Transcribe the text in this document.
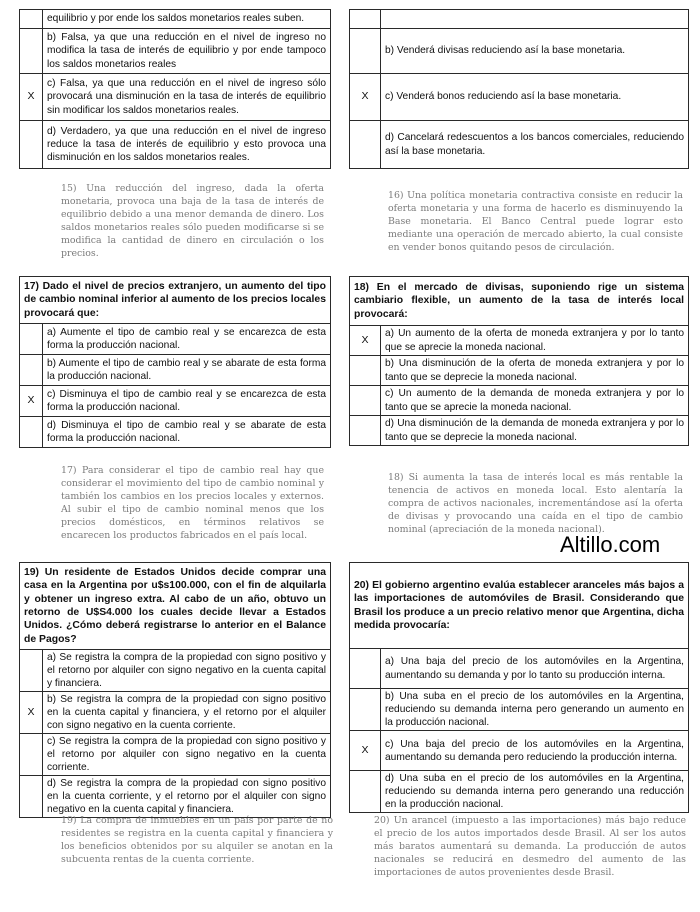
	equilibrio y por ende los saldos monetarios reales suben.
	b) Falsa, ya que una reducción en el nivel de ingreso no modifica la tasa de interés de equilibrio y por ende tampoco los saldos monetarios reales
X	c) Falsa, ya que una reducción en el nivel de ingreso sólo provocará una disminución en la tasa de interés de equilibrio sin modificar los saldos monetarios reales.
	d) Verdadero, ya que una reducción en el nivel de ingreso reduce la tasa de interés de equilibrio y esto provoca una disminución en los saldos monetarios reales.

	b) Venderá divisas reduciendo así la base monetaria.
X	c) Venderá bonos reduciendo así la base monetaria.
	d) Cancelará redescuentos a los bancos comerciales, reduciendo así la base monetaria.

15) Una reducción del ingreso, dada la oferta monetaria, provoca una baja de la tasa de interés de equilibrio debido a una menor demanda de dinero. Los saldos monetarios reales sólo pueden modificarse si se modifica la cantidad de dinero en circulación o los precios.

16) Una política monetaria contractiva consiste en reducir la oferta monetaria y una forma de hacerlo es disminuyendo la Base monetaria. El Banco Central puede lograr esto mediante una operación de mercado abierto, la cual consiste en vender bonos quitando pesos de circulación.

17) Dado el nivel de precios extranjero, un aumento del tipo de cambio nominal inferior al aumento de los precios locales provocará que:	
	a) Aumente el tipo de cambio real y se encarezca de esta forma la producción nacional.
	b) Aumente el tipo de cambio real y se abarate de esta forma la producción nacional.
X	c) Disminuya el tipo de cambio real y se encarezca de esta forma la producción nacional.
	d) Disminuya el tipo de cambio real y se abarate de esta forma la producción nacional.
18) En el mercado de divisas, suponiendo rige un sistema cambiario flexible, un aumento de la tasa de interés local provocará:	
X	a) Un aumento de la oferta de moneda extranjera y por lo tanto que se aprecie la moneda nacional.
	b) Una disminución de la oferta de moneda extranjera y por lo tanto que se deprecie la moneda nacional.
	c) Un aumento de la demanda de moneda extranjera y por lo tanto que se aprecie la moneda nacional.
	d) Una disminución de la demanda de moneda extranjera y por lo tanto que se deprecie la moneda nacional.

17) Para considerar el tipo de cambio real hay que considerar el movimiento del tipo de cambio nominal y también los cambios en los precios locales y externos. Al subir el tipo de cambio nominal menos que los precios domésticos, en términos relativos se encarecen los productos fabricados en el país local.

18) Si aumenta la tasa de interés local es más rentable la tenencia de activos en moneda local. Esto alentaría la compra de activos nacionales, incrementándose así la oferta de divisas y provocando una caída en el tipo de cambio nominal (apreciación de la moneda nacional).

Altillo.com
19) Un residente de Estados Unidos decide comprar una casa en la Argentina por u$s100.000, con el fin de alquilarla y obtener un ingreso extra. Al cabo de un año, obtuvo un retorno de U$S4.000 los cuales decide llevar a Estados Unidos. ¿Cómo deberá registrarse lo anterior en el Balance de Pagos?	
	a) Se registra la compra de la propiedad con signo positivo y el retorno por alquiler con signo negativo en la cuenta capital y financiera.
X	b) Se registra la compra de la propiedad con signo positivo en la cuenta capital y financiera, y el retorno por el alquiler con signo negativo en la cuenta corriente.
	c) Se registra la compra de la propiedad con signo positivo y el retorno por alquiler con signo negativo en la cuenta corriente.
	d) Se registra la compra de la propiedad con signo positivo en la cuenta corriente, y el retorno por el alquiler con signo negativo en la cuenta capital y financiera.
20) El gobierno argentino evalúa establecer aranceles más bajos a las importaciones de automóviles de Brasil. Considerando que Brasil los produce a un precio relativo menor que Argentina, dicha medida provocaría:	
	a) Una baja del precio de los automóviles en la Argentina, aumentando su demanda y por lo tanto su producción interna.
	b) Una suba en el precio de los automóviles en la Argentina, reduciendo su demanda interna pero generando un aumento en la producción nacional.
X	c) Una baja del precio de los automóviles en la Argentina, aumentando su demanda pero reduciendo la producción interna.
	d) Una suba en el precio de los automóviles en la Argentina, reduciendo su demanda interna pero generando una reducción en la producción nacional.

19) La compra de inmuebles en un país por parte de no residentes se registra en la cuenta capital y financiera y los beneficios obtenidos por su alquiler se anotan en la subcuenta rentas de la cuenta corriente.

20) Un arancel (impuesto a las importaciones) más bajo reduce el precio de los autos importados desde Brasil. Al ser los autos más baratos aumentará su demanda. La producción de autos nacionales se reducirá en desmedro del aumento de las importaciones de autos provenientes desde Brasil.
